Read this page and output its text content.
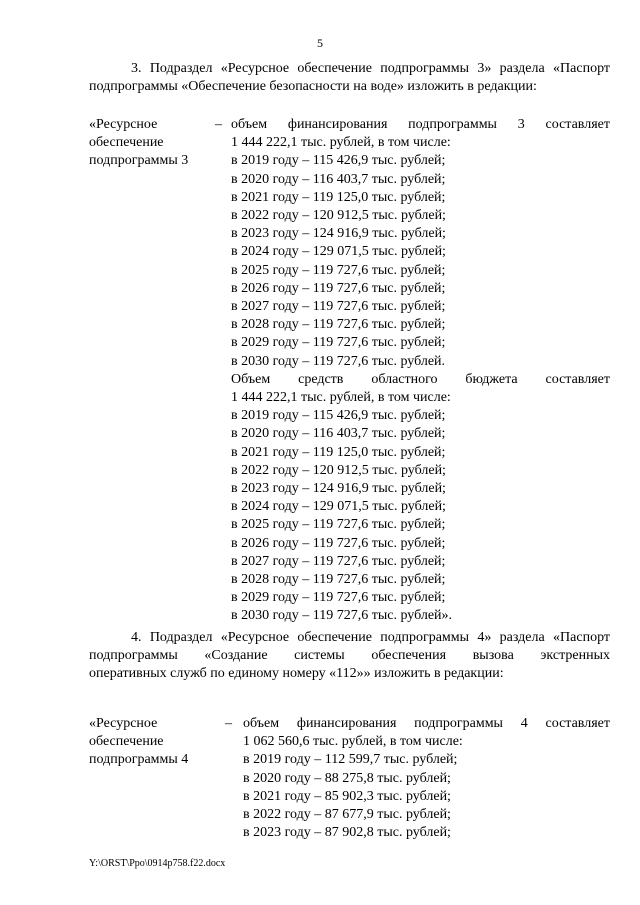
5
3. Подраздел «Ресурсное обеспечение подпрограммы 3» раздела «Паспорт
подпрограммы «Обеспечение безопасности на воде» изложить в редакции:
«Ресурсное
обеспечение
подпрограммы 3
– объем финансирования подпрограммы 3 составляет
1 444 222,1 тыс. рублей, в том числе:
в 2019 году – 115 426,9 тыс. рублей;
в 2020 году – 116 403,7 тыс. рублей;
в 2021 году – 119 125,0 тыс. рублей;
в 2022 году – 120 912,5 тыс. рублей;
в 2023 году – 124 916,9 тыс. рублей;
в 2024 году – 129 071,5 тыс. рублей;
в 2025 году – 119 727,6 тыс. рублей;
в 2026 году – 119 727,6 тыс. рублей;
в 2027 году – 119 727,6 тыс. рублей;
в 2028 году – 119 727,6 тыс. рублей;
в 2029 году – 119 727,6 тыс. рублей;
в 2030 году – 119 727,6 тыс. рублей.
Объем средств областного бюджета составляет
1 444 222,1 тыс. рублей, в том числе:
в 2019 году – 115 426,9 тыс. рублей;
в 2020 году – 116 403,7 тыс. рублей;
в 2021 году – 119 125,0 тыс. рублей;
в 2022 году – 120 912,5 тыс. рублей;
в 2023 году – 124 916,9 тыс. рублей;
в 2024 году – 129 071,5 тыс. рублей;
в 2025 году – 119 727,6 тыс. рублей;
в 2026 году – 119 727,6 тыс. рублей;
в 2027 году – 119 727,6 тыс. рублей;
в 2028 году – 119 727,6 тыс. рублей;
в 2029 году – 119 727,6 тыс. рублей;
в 2030 году – 119 727,6 тыс. рублей».
4. Подраздел «Ресурсное обеспечение подпрограммы 4» раздела «Паспорт
подпрограммы «Создание системы обеспечения вызова экстренных
оперативных служб по единому номеру «112»» изложить в редакции:
«Ресурсное
обеспечение
подпрограммы 4
– объем финансирования подпрограммы 4 составляет
1 062 560,6 тыс. рублей, в том числе:
в 2019 году – 112 599,7 тыс. рублей;
в 2020 году – 88 275,8 тыс. рублей;
в 2021 году – 85 902,3 тыс. рублей;
в 2022 году – 87 677,9 тыс. рублей;
в 2023 году – 87 902,8 тыс. рублей;
Y:\ORST\Ppo\0914p758.f22.docx
